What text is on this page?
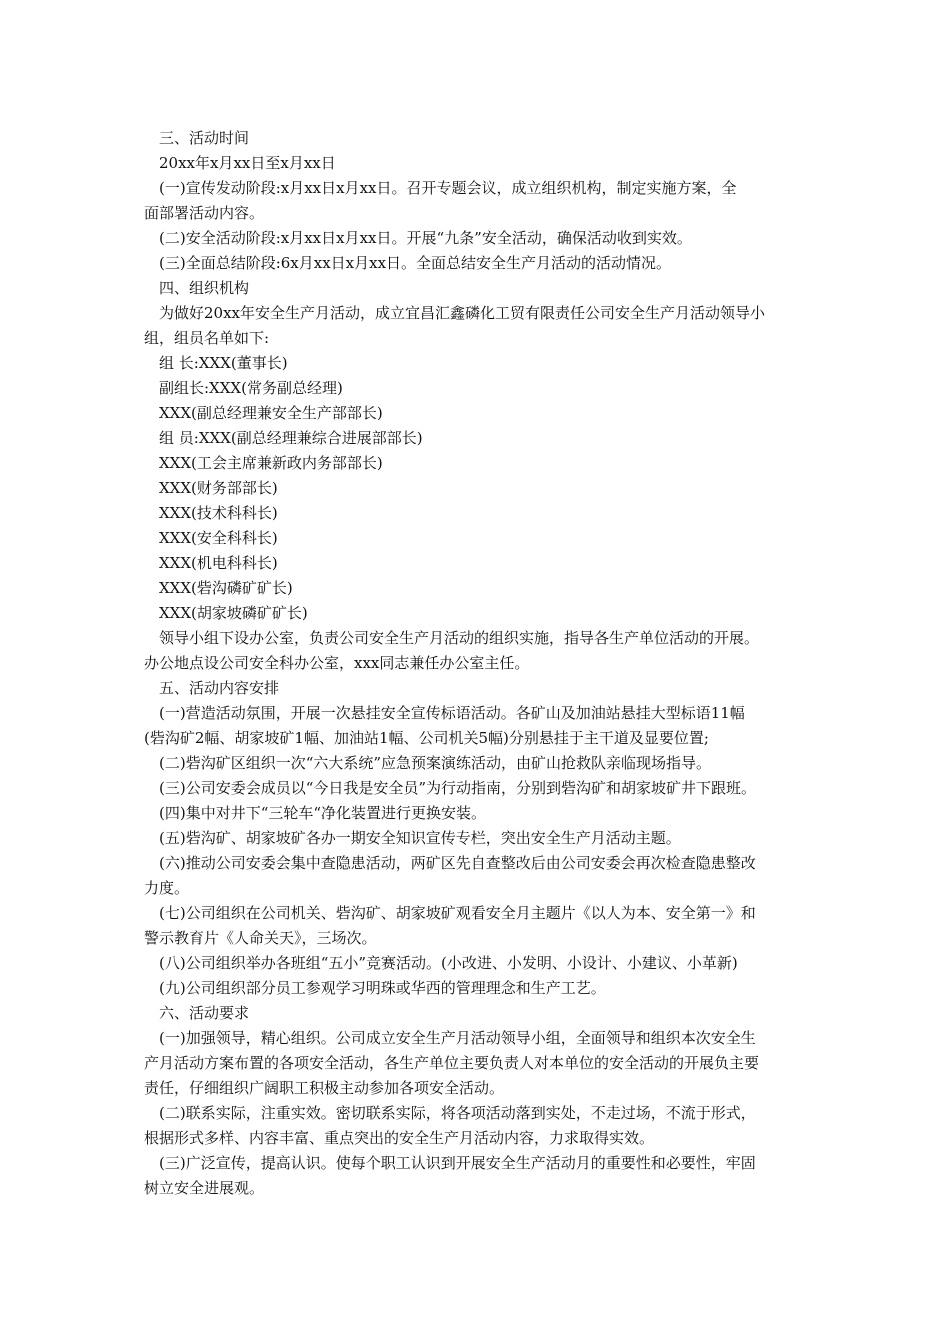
三、活动时间
20xx年x月xx日至x月xx日
(一)宣传发动阶段:x月xx日x月xx日。召开专题会议，成立组织机构，制定实施方案，全
面部署活动内容。
(二)安全活动阶段:x月xx日x月xx日。开展“九条”安全活动，确保活动收到实效。
(三)全面总结阶段:6x月xx日x月xx日。全面总结安全生产月活动的活动情况。
四、组织机构
为做好20xx年安全生产月活动，成立宜昌汇鑫磷化工贸有限责任公司安全生产月活动领导小
组，组员名单如下:
组 长:XXX(董事长)
副组长:XXX(常务副总经理)
XXX(副总经理兼安全生产部部长)
组 员:XXX(副总经理兼综合进展部部长)
XXX(工会主席兼新政内务部部长)
XXX(财务部部长)
XXX(技术科科长)
XXX(安全科科长)
XXX(机电科科长)
XXX(砦沟磷矿矿长)
XXX(胡家坡磷矿矿长)
领导小组下设办公室，负责公司安全生产月活动的组织实施，指导各生产单位活动的开展。
办公地点设公司安全科办公室，xxx同志兼任办公室主任。
五、活动内容安排
(一)营造活动氛围，开展一次悬挂安全宣传标语活动。各矿山及加油站悬挂大型标语11幅
(砦沟矿2幅、胡家坡矿1幅、加油站1幅、公司机关5幅)分别悬挂于主干道及显要位置;
(二)砦沟矿区组织一次“六大系统”应急预案演练活动，由矿山抢救队亲临现场指导。
(三)公司安委会成员以“今日我是安全员”为行动指南，分别到砦沟矿和胡家坡矿井下跟班。
(四)集中对井下“三轮车“净化装置进行更换安装。
(五)砦沟矿、胡家坡矿各办一期安全知识宣传专栏，突出安全生产月活动主题。
(六)推动公司安委会集中查隐患活动，两矿区先自查整改后由公司安委会再次检查隐患整改
力度。
(七)公司组织在公司机关、砦沟矿、胡家坡矿观看安全月主题片《以人为本、安全第一》和
警示教育片《人命关天》，三场次。
(八)公司组织举办各班组“五小”竞赛活动。(小改进、小发明、小设计、小建议、小革新)
(九)公司组织部分员工参观学习明珠或华西的管理理念和生产工艺。
六、活动要求
(一)加强领导，精心组织。公司成立安全生产月活动领导小组，全面领导和组织本次安全生
产月活动方案布置的各项安全活动，各生产单位主要负责人对本单位的安全活动的开展负主要
责任，仔细组织广阔职工积极主动参加各项安全活动。
(二)联系实际，注重实效。密切联系实际，将各项活动落到实处，不走过场，不流于形式，
根据形式多样、内容丰富、重点突出的安全生产月活动内容，力求取得实效。
(三)广泛宣传，提高认识。使每个职工认识到开展安全生产活动月的重要性和必要性，牢固
树立安全进展观。
